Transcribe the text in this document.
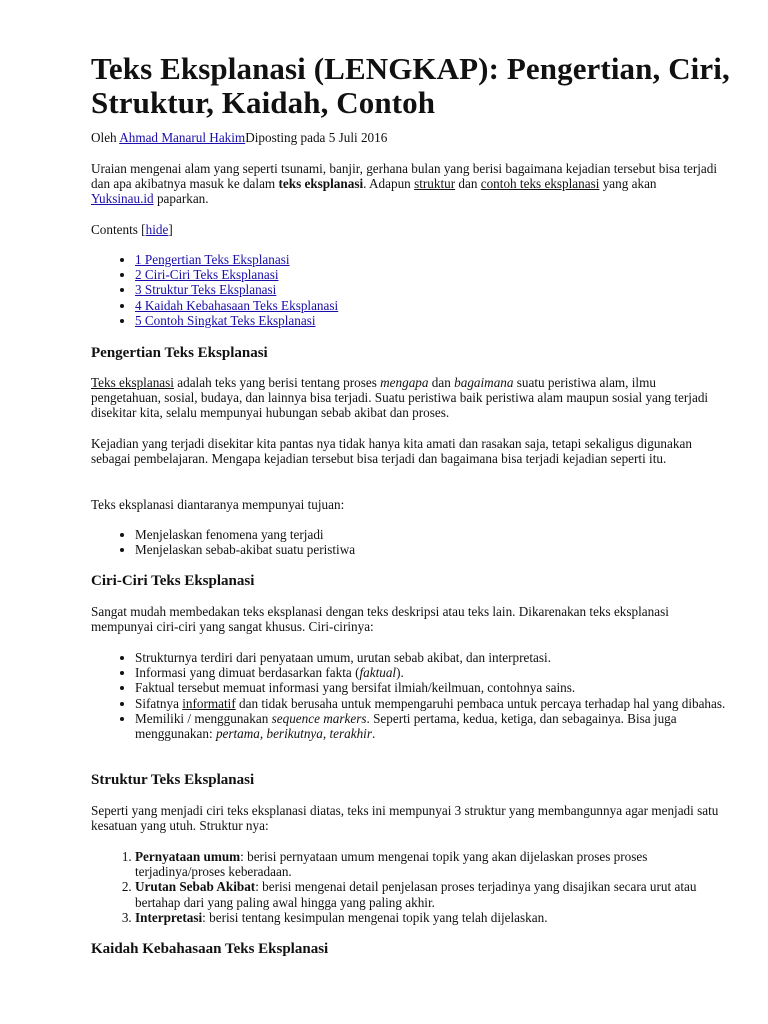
Teks Eksplanasi (LENGKAP): Pengertian, Ciri,
Struktur, Kaidah, Contoh

Oleh Ahmad Manarul HakimDiposting pada 5 Juli 2016

Uraian mengenai alam yang seperti tsunami, banjir, gerhana bulan yang berisi bagaimana kejadian tersebut bisa terjadi dan apa akibatnya masuk ke dalam teks eksplanasi. Adapun struktur dan contoh teks eksplanasi yang akan Yuksinau.id paparkan.

Contents [hide]

• 1 Pengertian Teks Eksplanasi
• 2 Ciri-Ciri Teks Eksplanasi
• 3 Struktur Teks Eksplanasi
• 4 Kaidah Kebahasaan Teks Eksplanasi
• 5 Contoh Singkat Teks Eksplanasi
Pengertian Teks Eksplanasi

Teks eksplanasi adalah teks yang berisi tentang proses mengapa dan bagaimana suatu peristiwa alam, ilmu pengetahuan, sosial, budaya, dan lainnya bisa terjadi. Suatu peristiwa baik peristiwa alam maupun sosial yang terjadi disekitar kita, selalu mempunyai hubungan sebab akibat dan proses.

Kejadian yang terjadi disekitar kita pantas nya tidak hanya kita amati dan rasakan saja, tetapi sekaligus digunakan sebagai pembelajaran. Mengapa kejadian tersebut bisa terjadi dan bagaimana bisa terjadi kejadian seperti itu.

Teks eksplanasi diantaranya mempunyai tujuan:

• Menjelaskan fenomena yang terjadi
• Menjelaskan sebab-akibat suatu peristiwa
Ciri-Ciri Teks Eksplanasi

Sangat mudah membedakan teks eksplanasi dengan teks deskripsi atau teks lain. Dikarenakan teks eksplanasi mempunyai ciri-ciri yang sangat khusus. Ciri-cirinya:

• Strukturnya terdiri dari penyataan umum, urutan sebab akibat, dan interpretasi.
• Informasi yang dimuat berdasarkan fakta (faktual).
• Faktual tersebut memuat informasi yang bersifat ilmiah/keilmuan, contohnya sains.
• Sifatnya informatif dan tidak berusaha untuk mempengaruhi pembaca untuk percaya terhadap hal yang dibahas.
• Memiliki / menggunakan sequence markers. Seperti pertama, kedua, ketiga, dan sebagainya. Bisa juga menggunakan: pertama, berikutnya, terakhir.
Struktur Teks Eksplanasi

Seperti yang menjadi ciri teks eksplanasi diatas, teks ini mempunyai 3 struktur yang membangunnya agar menjadi satu kesatuan yang utuh. Struktur nya:

1. Pernyataan umum: berisi pernyataan umum mengenai topik yang akan dijelaskan proses proses terjadinya/proses keberadaan.
2. Urutan Sebab Akibat: berisi mengenai detail penjelasan proses terjadinya yang disajikan secara urut atau bertahap dari yang paling awal hingga yang paling akhir.
3. Interpretasi: berisi tentang kesimpulan mengenai topik yang telah dijelaskan.
Kaidah Kebahasaan Teks Eksplanasi
